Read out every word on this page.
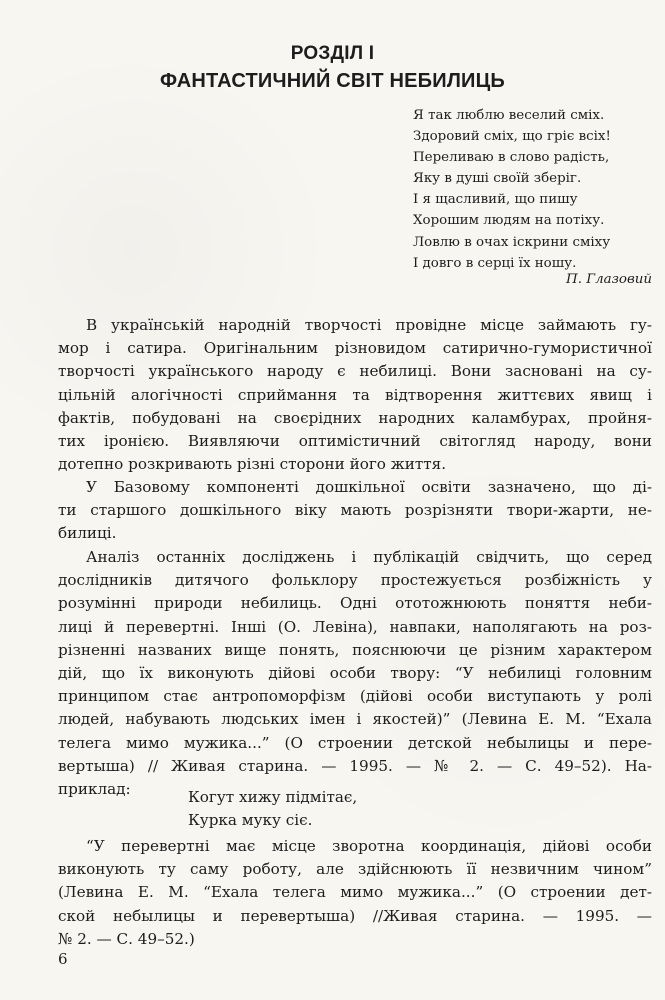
РОЗДІЛ І
ФАНТАСТИЧНИЙ СВІТ НЕБИЛИЦЬ
Я так люблю веселий сміх.
Здоровий сміх, що гріє всіх!
Переливаю в слово радість,
Яку в душі своїй зберіг.
І я щасливий, що пишу
Хорошим людям на потіху.
Ловлю в очах іскрини сміху
І довго в серці їх ношу.
П. Глазовий
В українській народній творчості провідне місце займають гу-
мор і сатира. Оригінальним різновидом сатирично-гумористичної
творчості українського народу є небилиці. Вони засновані на су-
цільній алогічності сприймання та відтворення життєвих явищ і
фактів, побудовані на своєрідних народних каламбурах, пройня-
тих іронією. Виявляючи оптимістичний світогляд народу, вони
дотепно розкривають різні сторони його життя.
У Базовому компоненті дошкільної освіти зазначено, що ді-
ти старшого дошкільного віку мають розрізняти твори-жарти, не-
билиці.
Аналіз останніх досліджень і публікацій свідчить, що серед
дослідників дитячого фольклору простежується розбіжність у
розумінні природи небилиць. Одні ототожнюють поняття неби-
лиці й перевертні. Інші (О. Левіна), навпаки, наполягають на роз-
різненні названих вище понять, пояснюючи це різним характером
дій, що їх виконують дійові особи твору: “У небилиці головним
принципом стає антропоморфізм (дійові особи виступають у ролі
людей, набувають людських імен і якостей)” (Левина Е. М. “Ехала
телега мимо мужика...” (О строении детской небылицы и пере-
вертыша) // Живая старина. — 1995. — № 2. — С. 49–52). На-
приклад:	Когут хижу підмітає,
Курка муку сіє.
“У перевертні має місце зворотна координація, дійові особи
виконують ту саму роботу, але здійснюють її незвичним чином”
(Левина Е. М. “Ехала телега мимо мужика...” (О строении дет-
ской небылицы и перевертыша) //Живая старина. — 1995. —
№ 2. — С. 49–52.)
6
